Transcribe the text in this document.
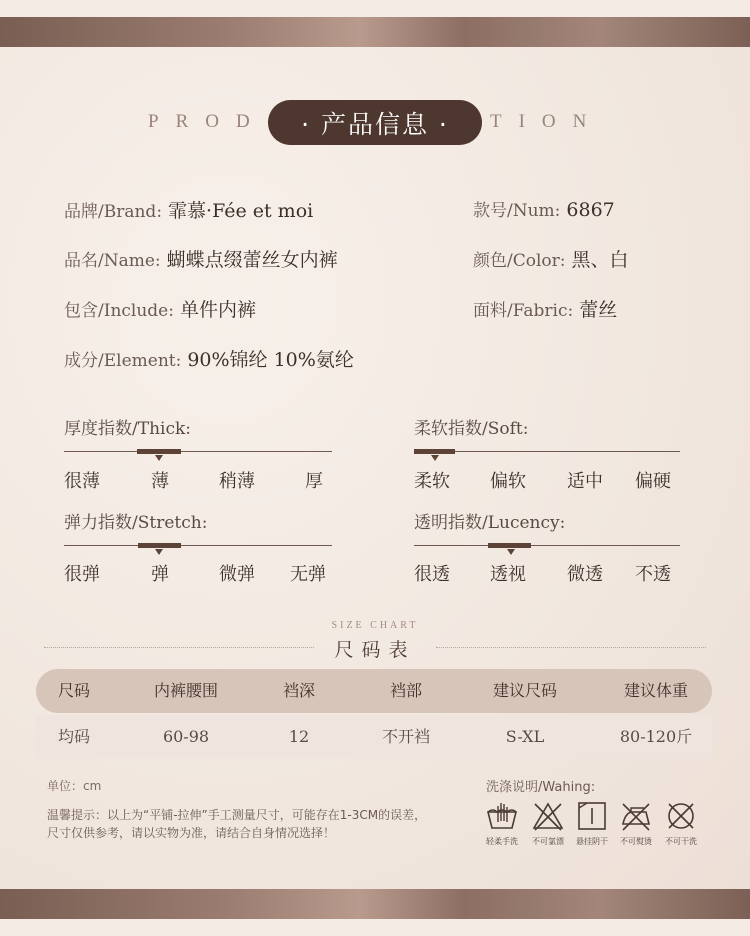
PROD	TION
· 产品信息 ·
品牌/Brand: 霏慕·Fée et moi	款号/Num: 6867
品名/Name: 蝴蝶点缀蕾丝女内裤	颜色/Color: 黑、白
包含/Include: 单件内裤	面料/Fabric: 蕾丝
成分/Element: 90%锦纶 10%氨纶
厚度指数/Thick:
很薄	薄	稍薄	厚
柔软指数/Soft:
柔软 偏软 适中 偏硬
弹力指数/Stretch:
很弹	弹	微弹 无弹
透明指数/Lucency:
很透 透视 微透 不透
SIZE CHART
尺码表
尺码	内裤腰围	裆深	裆部	建议尺码	建议体重
均码	60-98	12	不开裆	S-XL	80-120斤
单位：cm
温馨提示：以上为“平铺-拉伸”手工测量尺寸，可能存在1-3CM的误差，
尺寸仅供参考，请以实物为准，请结合自身情况选择！
洗涤说明/Wahing:
轻柔手洗	不可氯漂	悬挂阴干	不可熨烫	不可干洗
